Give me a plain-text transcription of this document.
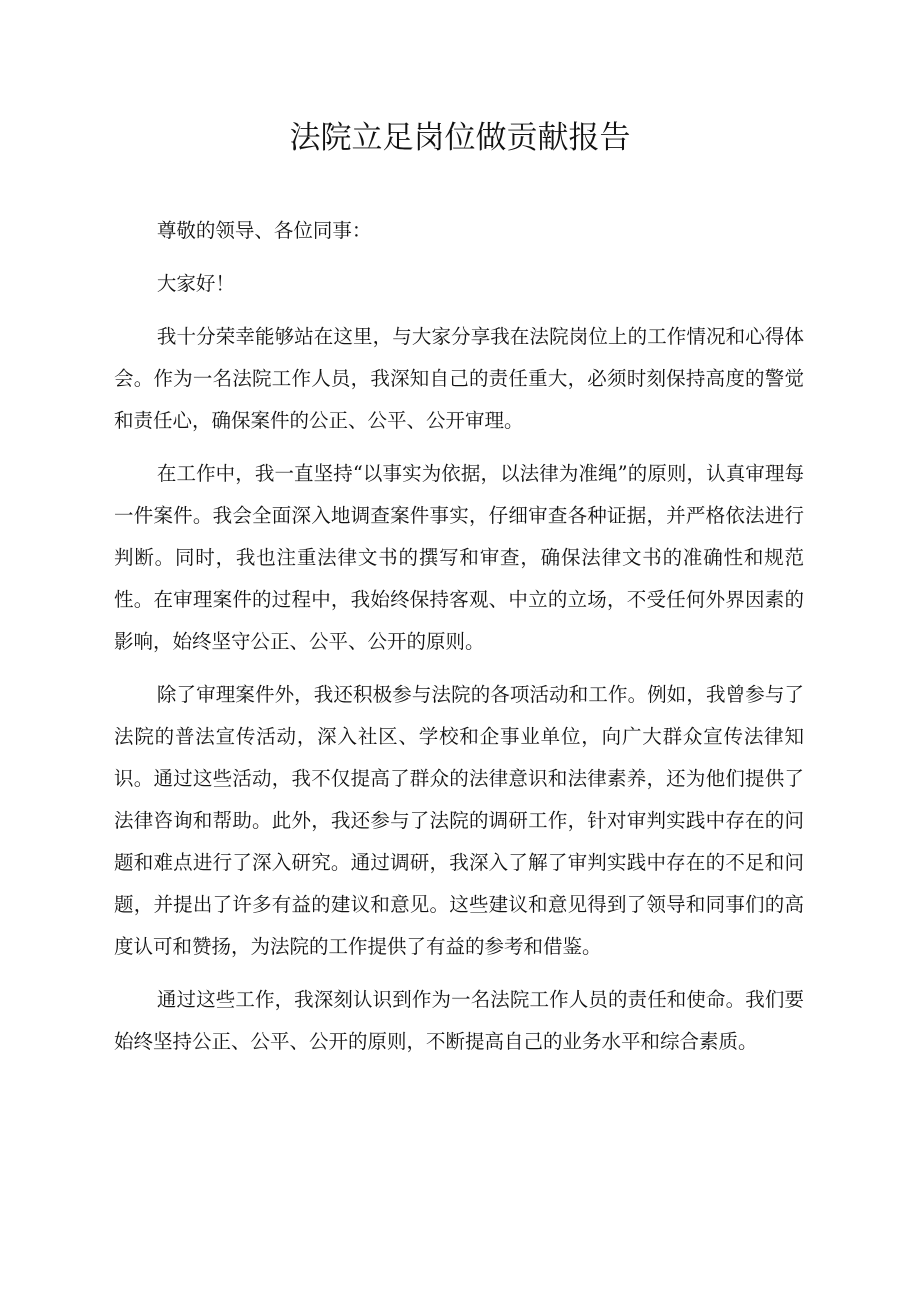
法院立足岗位做贡献报告

尊敬的领导、各位同事：

大家好！

我十分荣幸能够站在这里，与大家分享我在法院岗位上的工作情况和心得体会。作为一名法院工作人员，我深知自己的责任重大，必须时刻保持高度的警觉和责任心，确保案件的公正、公平、公开审理。

在工作中，我一直坚持“以事实为依据，以法律为准绳”的原则，认真审理每一件案件。我会全面深入地调查案件事实，仔细审查各种证据，并严格依法进行判断。同时，我也注重法律文书的撰写和审查，确保法律文书的准确性和规范性。在审理案件的过程中，我始终保持客观、中立的立场，不受任何外界因素的影响，始终坚守公正、公平、公开的原则。

除了审理案件外，我还积极参与法院的各项活动和工作。例如，我曾参与了法院的普法宣传活动，深入社区、学校和企事业单位，向广大群众宣传法律知识。通过这些活动，我不仅提高了群众的法律意识和法律素养，还为他们提供了法律咨询和帮助。此外，我还参与了法院的调研工作，针对审判实践中存在的问题和难点进行了深入研究。通过调研，我深入了解了审判实践中存在的不足和问题，并提出了许多有益的建议和意见。这些建议和意见得到了领导和同事们的高度认可和赞扬，为法院的工作提供了有益的参考和借鉴。

通过这些工作，我深刻认识到作为一名法院工作人员的责任和使命。我们要始终坚持公正、公平、公开的原则，不断提高自己的业务水平和综合素质。
